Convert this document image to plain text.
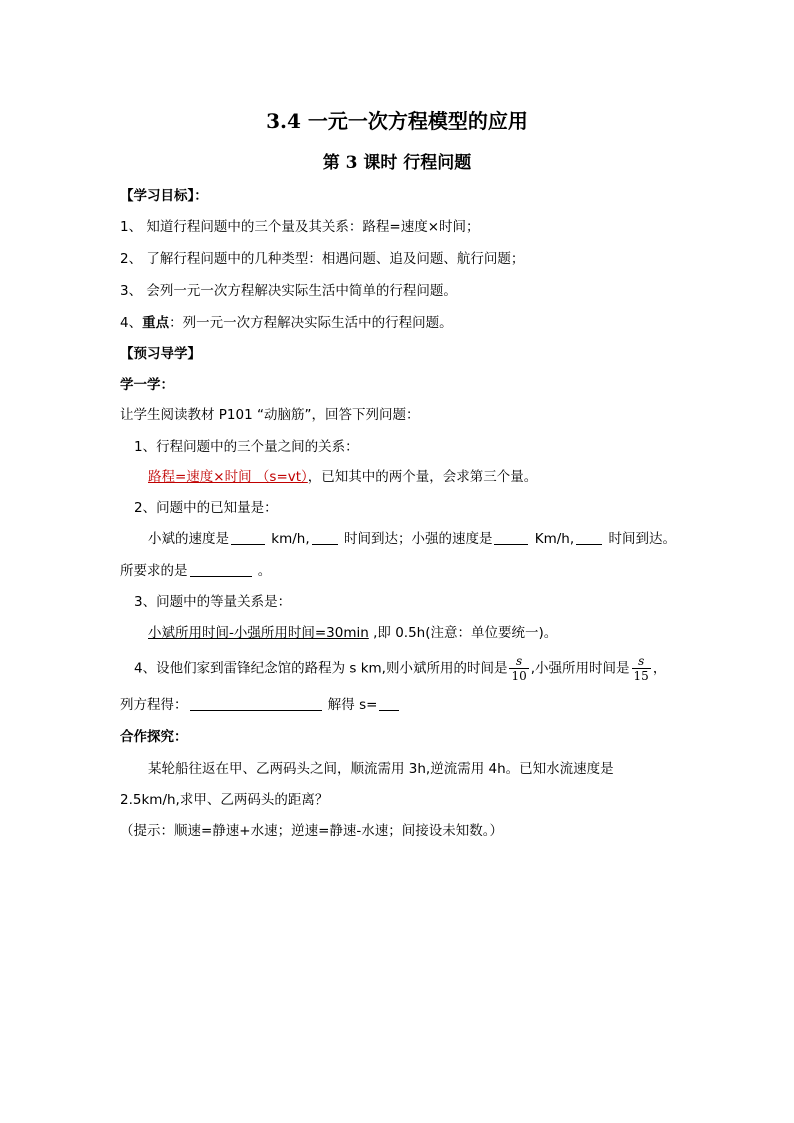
3.4 一元一次方程模型的应用
第 3 课时 行程问题
【学习目标】：
1、 知道行程问题中的三个量及其关系：路程=速度×时间；
2、 了解行程问题中的几种类型：相遇问题、追及问题、航行问题；
3、 会列一元一次方程解决实际生活中简单的行程问题。
4、重点：列一元一次方程解决实际生活中的行程问题。
【预习导学】
学一学：
让学生阅读教材 P101 “动脑筋”，回答下列问题：
1、行程问题中的三个量之间的关系：
路程=速度×时间 （s=vt），已知其中的两个量，会求第三个量。
2、问题中的已知量是：
小斌的速度是	km/h, 时间到达；小强的速度是	Km/h, 时间到达。
所要求的是	。
3、问题中的等量关系是：
小斌所用时间-小强所用时间=30min ,即 0.5h(注意：单位要统一)。
4、设他们家到雷锋纪念馆的路程为 s km,则小斌所用的时间是 $\frac{s}{10}$ ,小强所用时间是 $\frac{s}{15}$ ，
列方程得：	解得 s=
合作探究：
某轮船往返在甲、乙两码头之间，顺流需用 3h,逆流需用 4h。已知水流速度是
2.5km/h,求甲、乙两码头的距离？
（提示：顺速=静速+水速；逆速=静速-水速；间接设未知数。）
